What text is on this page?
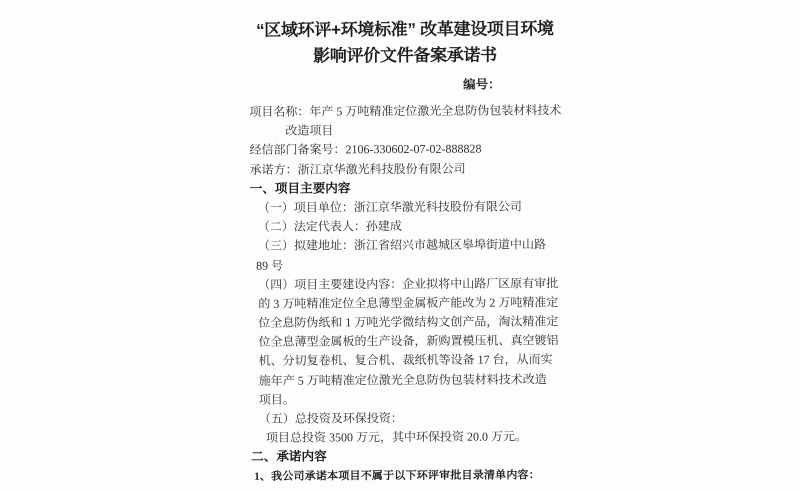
“区域环评+环境标准” 改革建设项目环境
影响评价文件备案承诺书
编号：
项目名称：年产 5 万吨精准定位激光全息防伪包装材料技术
改造项目
经信部门备案号：2106-330602-07-02-888828
承诺方：浙江京华激光科技股份有限公司
一、项目主要内容
（一）项目单位：浙江京华激光科技股份有限公司
（二）法定代表人：孙建成
（三）拟建地址：浙江省绍兴市越城区皋埠街道中山路
89 号
（四）项目主要建设内容：企业拟将中山路厂区原有审批
的 3 万吨精准定位全息薄型金属板产能改为 2 万吨精准定
位全息防伪纸和 1 万吨光学微结构文创产品，淘汰精准定
位全息薄型金属板的生产设备，新购置模压机、真空镀铝
机、分切复卷机、复合机、裁纸机等设备 17 台，从而实
施年产 5 万吨精准定位激光全息防伪包装材料技术改造
项目。
（五）总投资及环保投资：
项目总投资 3500 万元，其中环保投资 20.0 万元。
二、承诺内容
1、我公司承诺本项目不属于以下环评审批目录清单内容：
